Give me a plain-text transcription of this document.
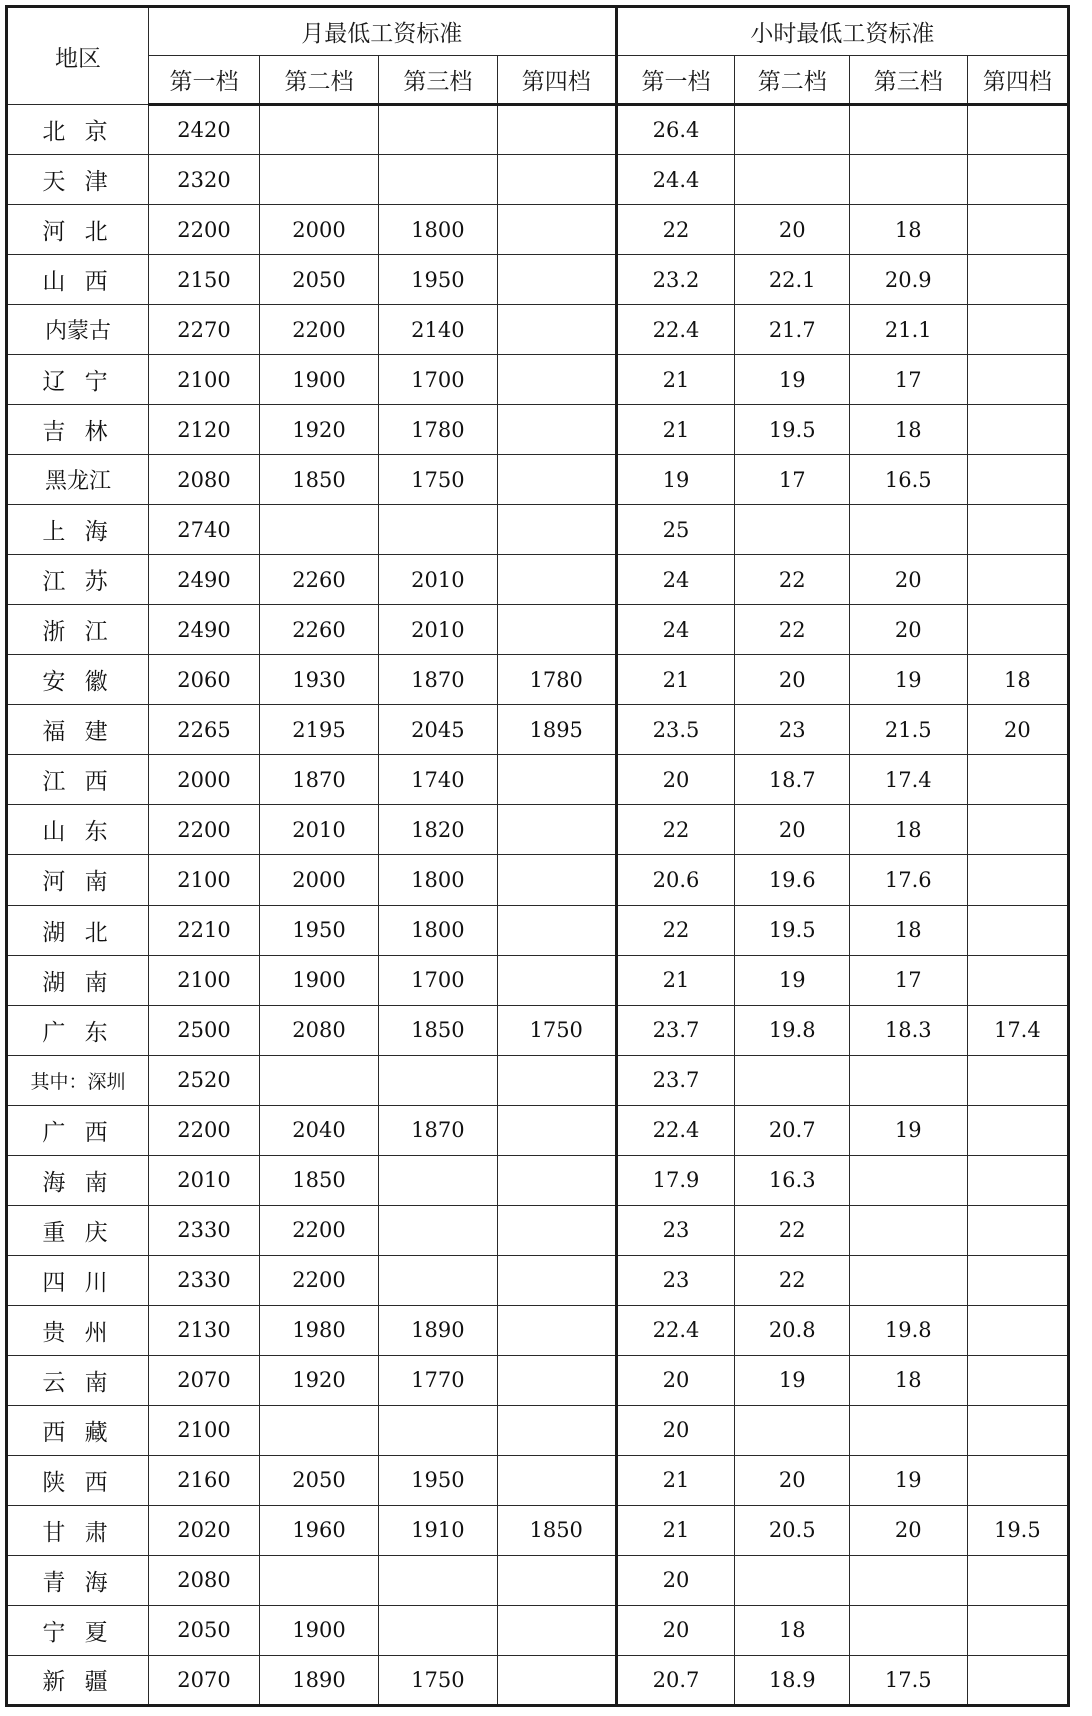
地区	月最低工资标准				小时最低工资标准			
	第一档	第二档	第三档	第四档	第一档	第二档	第三档	第四档
北 京	2420				26.4			
天 津	2320				24.4			
河 北	2200	2000	1800		22	20	18	
山 西	2150	2050	1950		23.2	22.1	20.9	
内蒙古	2270	2200	2140		22.4	21.7	21.1	
辽 宁	2100	1900	1700		21	19	17	
吉 林	2120	1920	1780		21	19.5	18	
黑龙江	2080	1850	1750		19	17	16.5	
上 海	2740				25			
江 苏	2490	2260	2010		24	22	20	
浙 江	2490	2260	2010		24	22	20	
安 徽	2060	1930	1870	1780	21	20	19	18
福 建	2265	2195	2045	1895	23.5	23	21.5	20
江 西	2000	1870	1740		20	18.7	17.4	
山 东	2200	2010	1820		22	20	18	
河 南	2100	2000	1800		20.6	19.6	17.6	
湖 北	2210	1950	1800		22	19.5	18	
湖 南	2100	1900	1700		21	19	17	
广 东	2500	2080	1850	1750	23.7	19.8	18.3	17.4
其中：深圳	2520				23.7			
广 西	2200	2040	1870		22.4	20.7	19	
海 南	2010	1850			17.9	16.3		
重 庆	2330	2200			23	22		
四 川	2330	2200			23	22		
贵 州	2130	1980	1890		22.4	20.8	19.8	
云 南	2070	1920	1770		20	19	18	
西 藏	2100				20			
陕 西	2160	2050	1950		21	20	19	
甘 肃	2020	1960	1910	1850	21	20.5	20	19.5
青 海	2080				20			
宁 夏	2050	1900			20	18		
新 疆	2070	1890	1750		20.7	18.9	17.5	
